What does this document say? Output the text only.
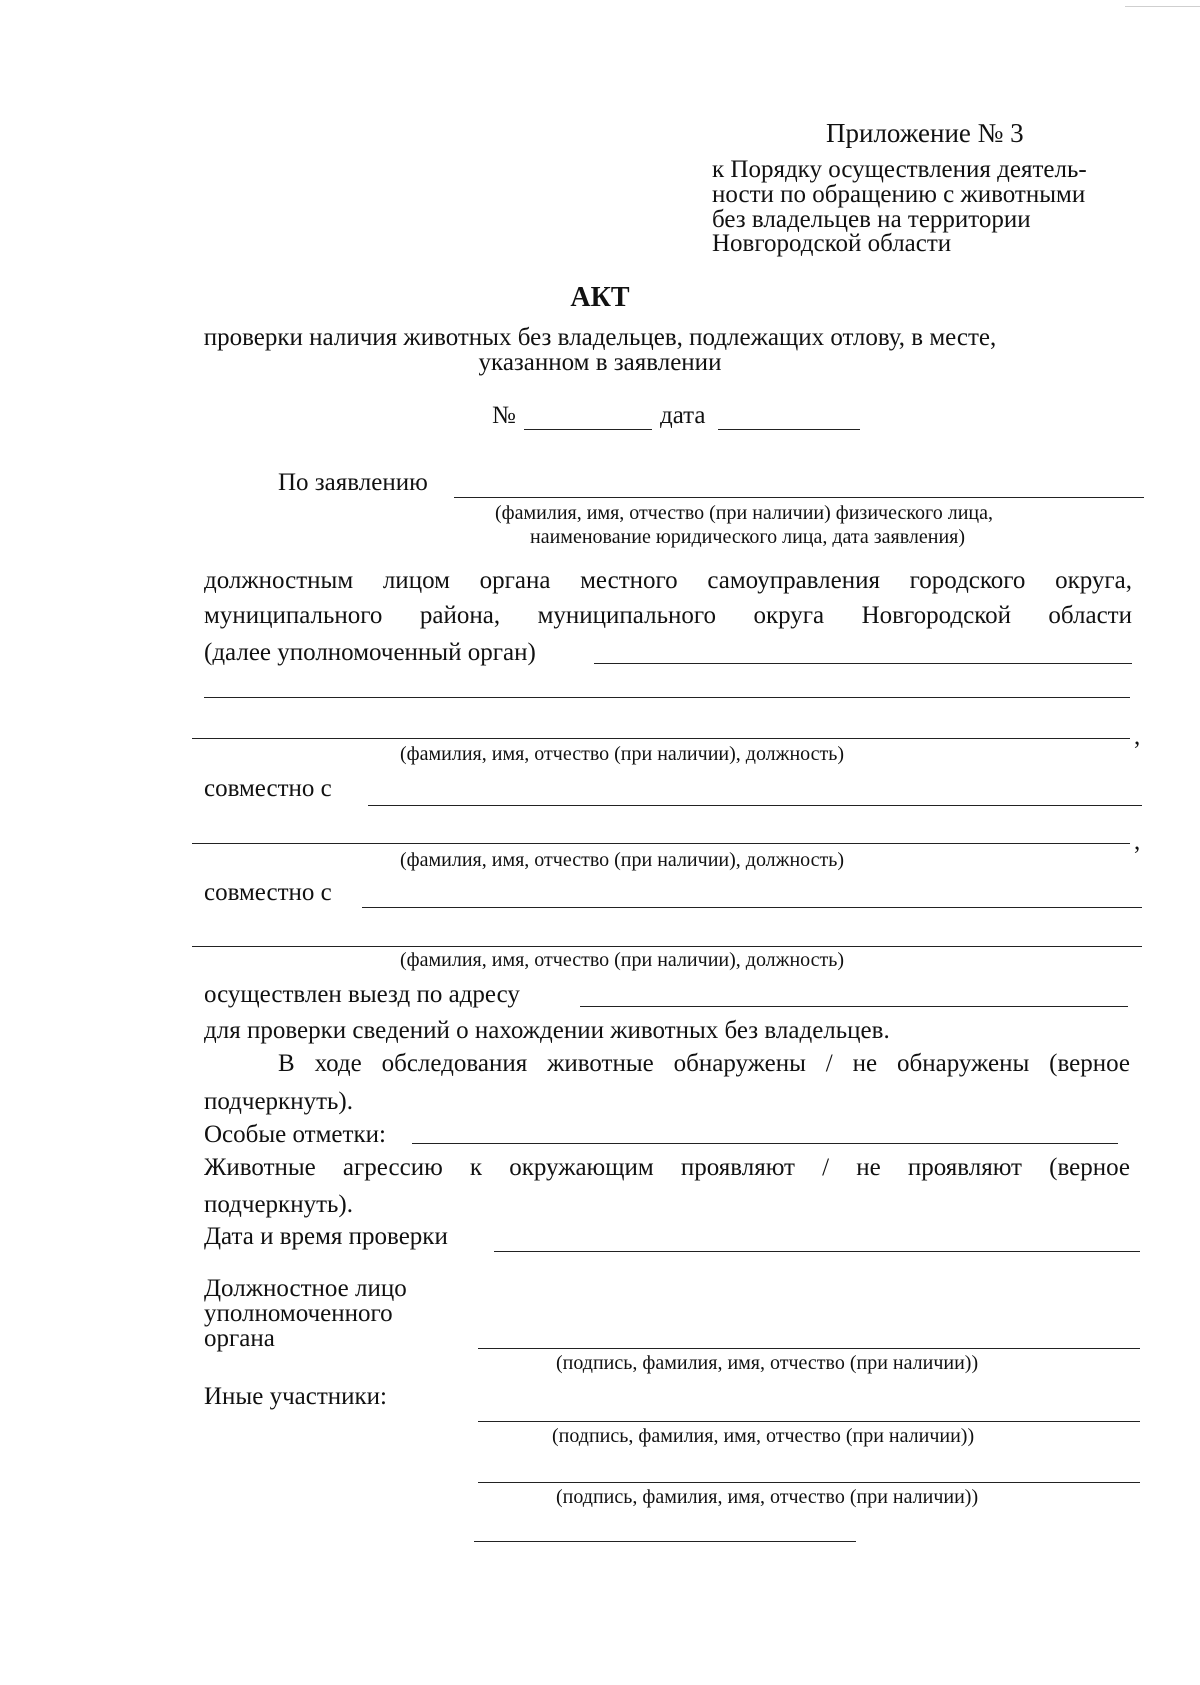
Приложение № 3
к Порядку осуществления деятель-
ности по обращению с животными
без владельцев на территории
Новгородской области
АКТ
проверки наличия животных без владельцев, подлежащих отлову, в месте,
указанном в заявлении
№	дата
По заявлению
(фамилия, имя, отчество (при наличии) физического лица,
наименование юридического лица, дата заявления)
должностным лицом органа местного самоуправления городского округа,
муниципального района, муниципального округа Новгородской области
(далее уполномоченный орган)
,
(фамилия, имя, отчество (при наличии), должность)
совместно с
,
(фамилия, имя, отчество (при наличии), должность)
совместно с
(фамилия, имя, отчество (при наличии), должность)
осуществлен выезд по адресу
для проверки сведений о нахождении животных без владельцев.
В ходе обследования животные обнаружены / не обнаружены (верное
подчеркнуть).
Особые отметки:
Животные агрессию к окружающим проявляют / не проявляют (верное
подчеркнуть).
Дата и время проверки
Должностное лицо
уполномоченного
органа
(подпись, фамилия, имя, отчество (при наличии))
Иные участники:
(подпись, фамилия, имя, отчество (при наличии))
(подпись, фамилия, имя, отчество (при наличии))
